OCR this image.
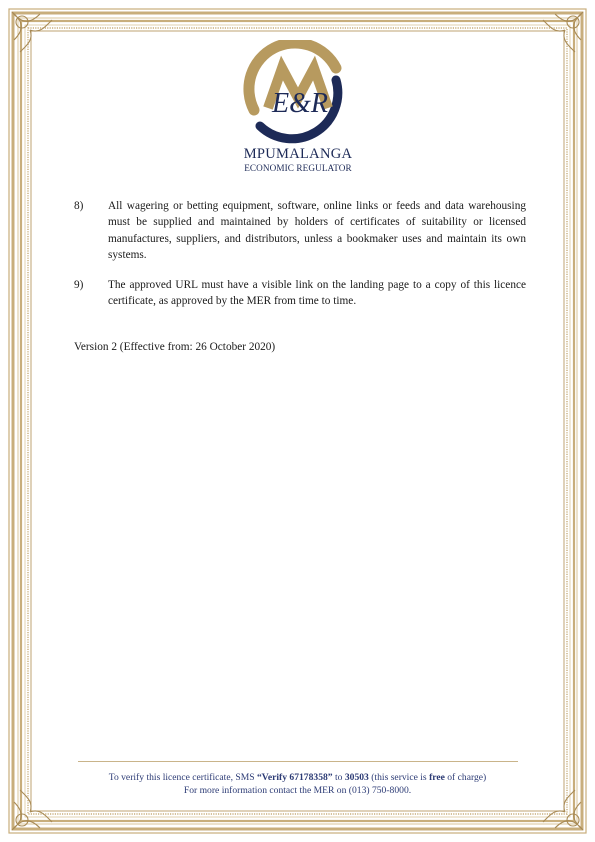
E&R
MPUMALANGA
ECONOMIC REGULATOR
8)	All wagering or betting equipment, software, online links or feeds and data warehousing must be supplied and maintained by holders of certificates of suitability or licensed manufactures, suppliers, and distributors, unless a bookmaker uses and maintain its own systems.
9)	The approved URL must have a visible link on the landing page to a copy of this licence certificate, as approved by the MER from time to time.
Version 2 (Effective from: 26 October 2020)
To verify this licence certificate, SMS “Verify 67178358” to 30503 (this service is free of charge)
For more information contact the MER on (013) 750-8000.
